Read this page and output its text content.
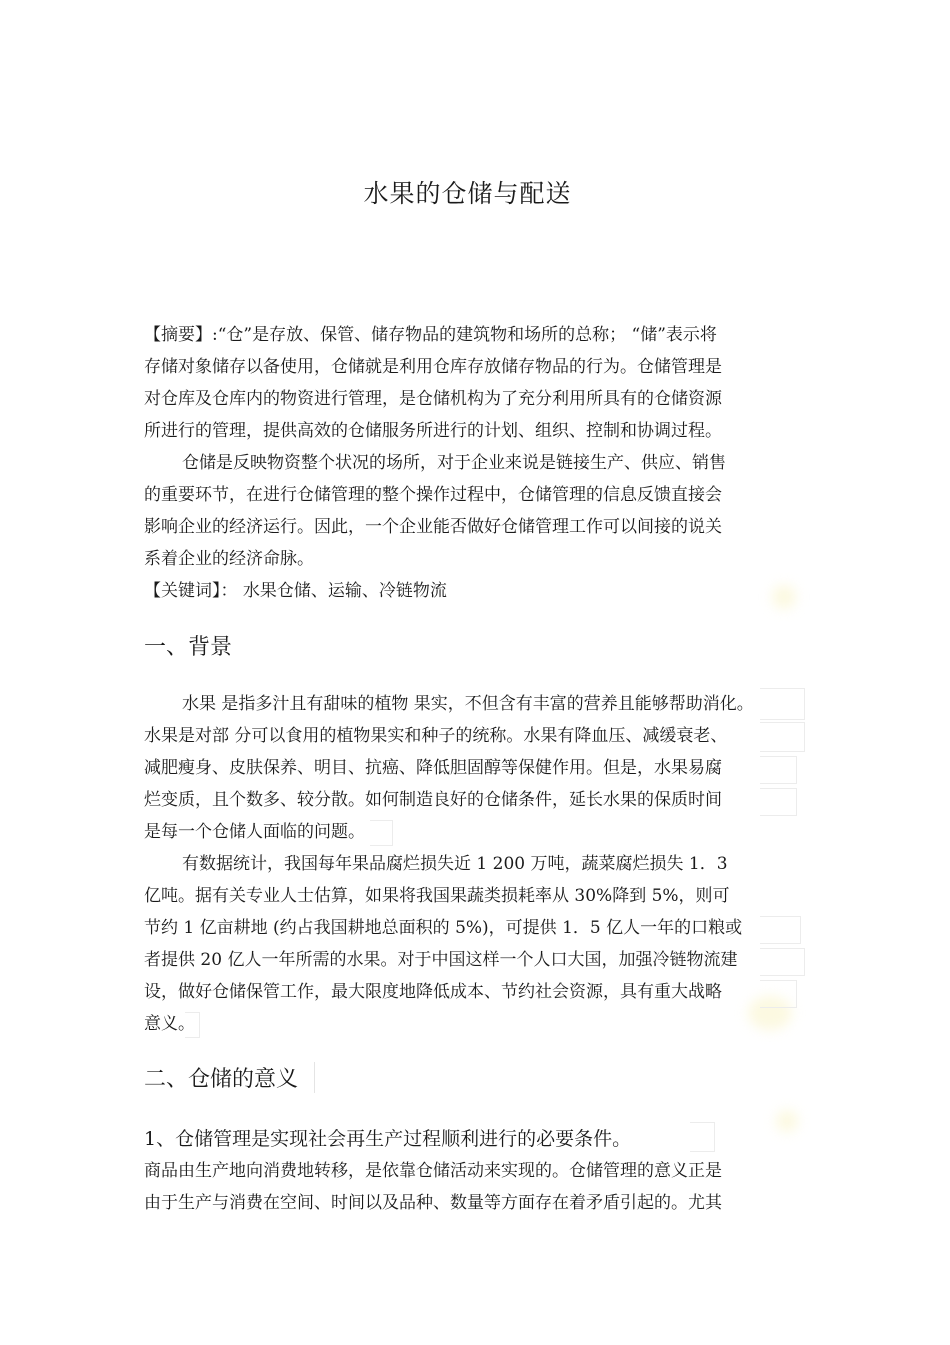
水果的仓储与配送
【摘要】:“仓”是存放、保管、储存物品的建筑物和场所的总称； “储”表示将
存储对象储存以备使用，仓储就是利用仓库存放储存物品的行为。仓储管理是
对仓库及仓库内的物资进行管理，是仓储机构为了充分利用所具有的仓储资源
所进行的管理，提供高效的仓储服务所进行的计划、组织、控制和协调过程。
仓储是反映物资整个状况的场所，对于企业来说是链接生产、供应、销售
的重要环节，在进行仓储管理的整个操作过程中，仓储管理的信息反馈直接会
影响企业的经济运行。因此，一个企业能否做好仓储管理工作可以间接的说关
系着企业的经济命脉。
【关键词】： 水果仓储、运输、冷链物流
一、背景
水果 是指多汁且有甜味的植物 果实，不但含有丰富的营养且能够帮助消化。
水果是对部 分可以食用的植物果实和种子的统称。水果有降血压、减缓衰老、
减肥瘦身、皮肤保养、明目、抗癌、降低胆固醇等保健作用。但是，水果易腐
烂变质，且个数多、较分散。如何制造良好的仓储条件，延长水果的保质时间
是每一个仓储人面临的问题。
有数据统计，我国每年果品腐烂损失近 1 200 万吨，蔬菜腐烂损失 1．3
亿吨。据有关专业人士估算，如果将我国果蔬类损耗率从 30%降到 5%，则可
节约 1 亿亩耕地 (约占我国耕地总面积的 5%)，可提供 1．5 亿人一年的口粮或
者提供 20 亿人一年所需的水果。对于中国这样一个人口大国，加强冷链物流建
设，做好仓储保管工作，最大限度地降低成本、节约社会资源，具有重大战略
意义。
二、仓储的意义
1、仓储管理是实现社会再生产过程顺利进行的必要条件。
商品由生产地向消费地转移，是依靠仓储活动来实现的。仓储管理的意义正是
由于生产与消费在空间、时间以及品种、数量等方面存在着矛盾引起的。尤其
